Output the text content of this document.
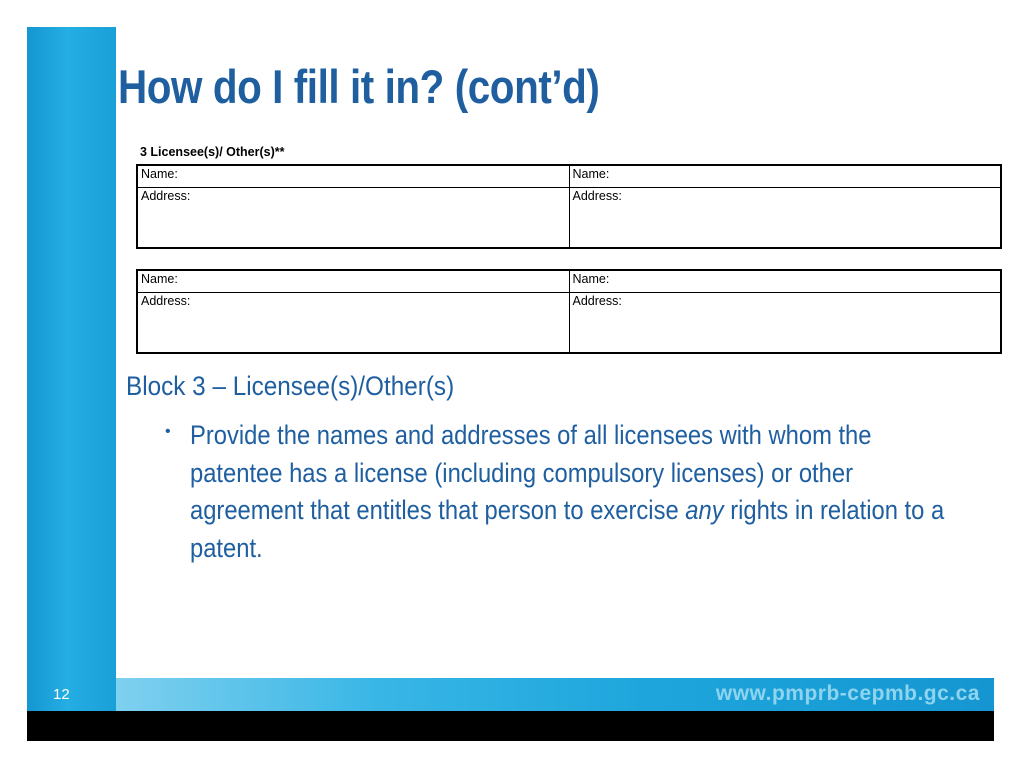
12	www.pmprb-cepmb.gc.ca
How do I fill it in? (cont’d)
3 Licensee(s)/ Other(s)**
Name:	Name:
Address:	Address:
Name:	Name:
Address:	Address:
Block 3 – Licensee(s)/Other(s)
• Provide the names and addresses of all licensees with whom the patentee has a license (including compulsory licenses) or other agreement that entitles that person to exercise any rights in relation to a patent.
